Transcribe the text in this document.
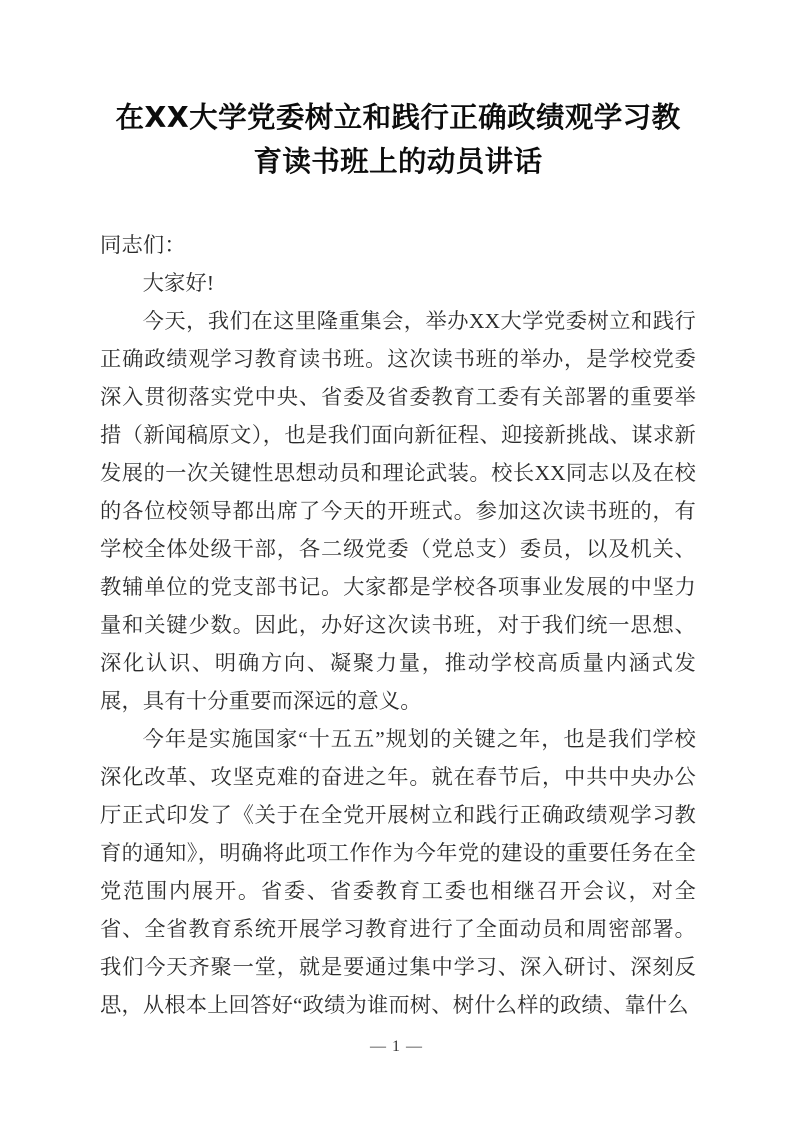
在XX大学党委树立和践行正确政绩观学习教育读书班上的动员讲话

同志们：

大家好!

今天，我们在这里隆重集会，举办XX大学党委树立和践行正确政绩观学习教育读书班。这次读书班的举办，是学校党委深入贯彻落实党中央、省委及省委教育工委有关部署的重要举措（新闻稿原文），也是我们面向新征程、迎接新挑战、谋求新发展的一次关键性思想动员和理论武装。校长XX同志以及在校的各位校领导都出席了今天的开班式。参加这次读书班的，有学校全体处级干部，各二级党委（党总支）委员，以及机关、教辅单位的党支部书记。大家都是学校各项事业发展的中坚力量和关键少数。因此，办好这次读书班，对于我们统一思想、深化认识、明确方向、凝聚力量，推动学校高质量内涵式发展，具有十分重要而深远的意义。

今年是实施国家“十五五”规划的关键之年，也是我们学校深化改革、攻坚克难的奋进之年。就在春节后，中共中央办公厅正式印发了《关于在全党开展树立和践行正确政绩观学习教育的通知》，明确将此项工作作为今年党的建设的重要任务在全党范围内展开。省委、省委教育工委也相继召开会议，对全省、全省教育系统开展学习教育进行了全面动员和周密部署。我们今天齐聚一堂，就是要通过集中学习、深入研讨、深刻反思，从根本上回答好“政绩为谁而树、树什么样的政绩、靠什么

— 1 —
